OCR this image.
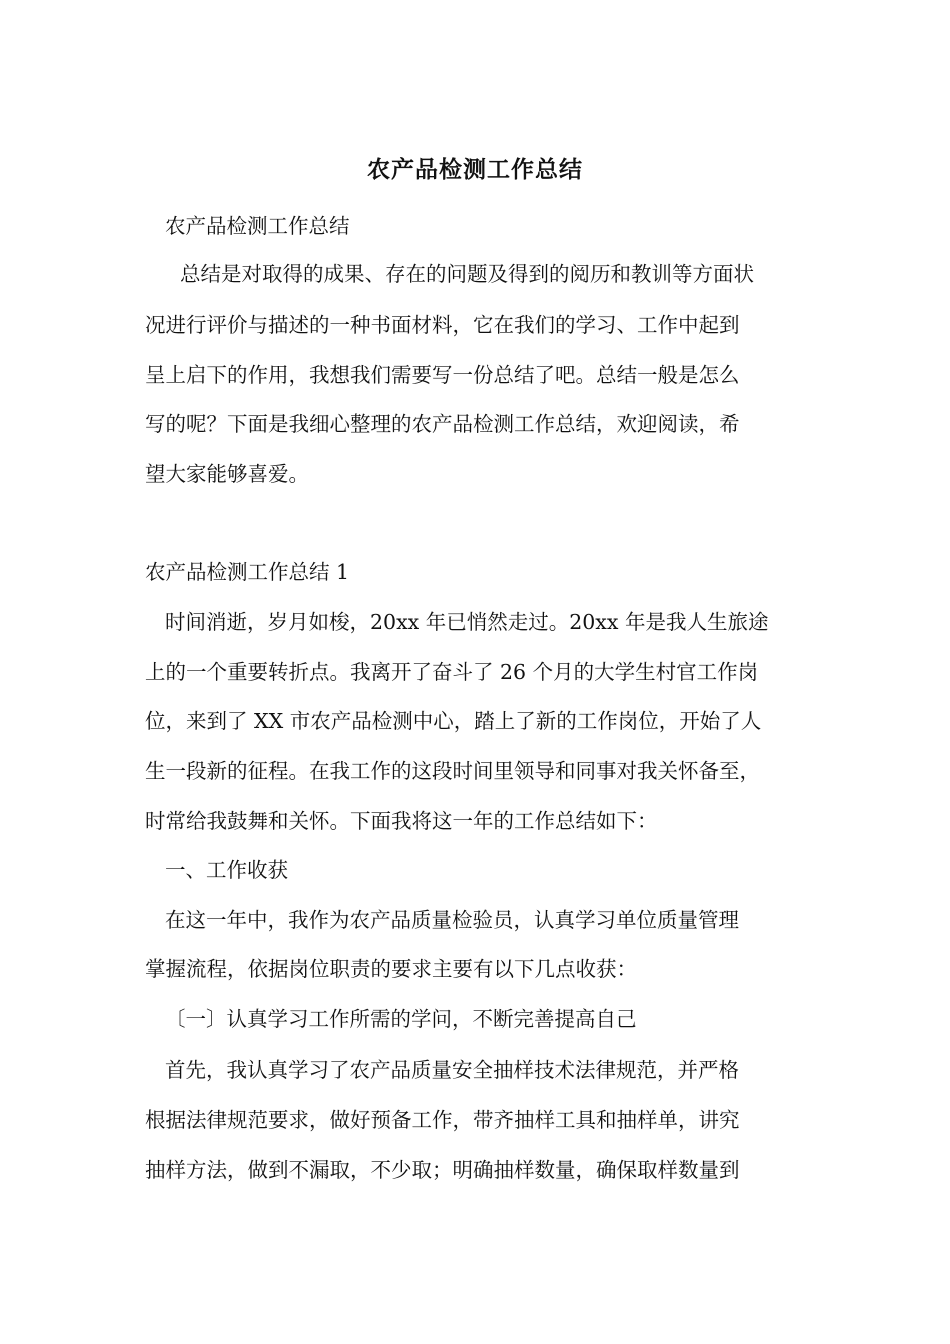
农产品检测工作总结
农产品检测工作总结
总结是对取得的成果、存在的问题及得到的阅历和教训等方面状
况进行评价与描述的一种书面材料，它在我们的学习、工作中起到
呈上启下的作用，我想我们需要写一份总结了吧。总结一般是怎么
写的呢？下面是我细心整理的农产品检测工作总结，欢迎阅读，希
望大家能够喜爱。
农产品检测工作总结 1
时间消逝，岁月如梭，20xx 年已悄然走过。20xx 年是我人生旅途
上的一个重要转折点。我离开了奋斗了 26 个月的大学生村官工作岗
位，来到了 XX 市农产品检测中心，踏上了新的工作岗位，开始了人
生一段新的征程。在我工作的这段时间里领导和同事对我关怀备至，
时常给我鼓舞和关怀。下面我将这一年的工作总结如下：
一、工作收获
在这一年中，我作为农产品质量检验员，认真学习单位质量管理
掌握流程，依据岗位职责的要求主要有以下几点收获：
〔一〕认真学习工作所需的学问，不断完善提高自己
首先，我认真学习了农产品质量安全抽样技术法律规范，并严格
根据法律规范要求，做好预备工作，带齐抽样工具和抽样单，讲究
抽样方法，做到不漏取，不少取；明确抽样数量，确保取样数量到
